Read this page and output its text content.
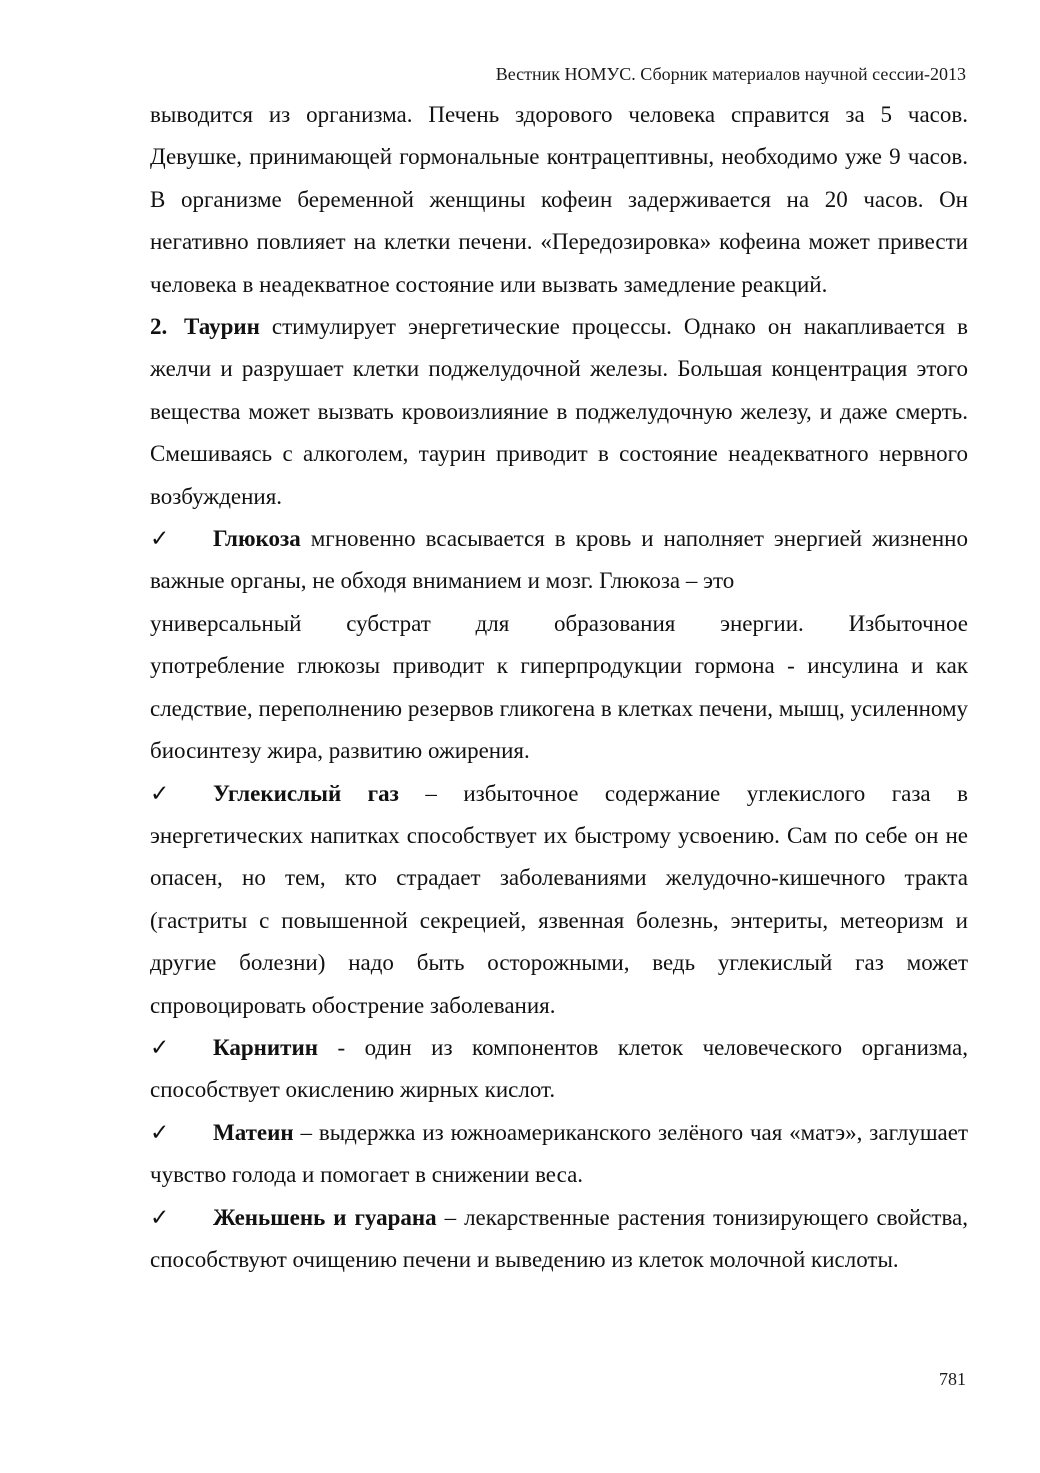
Вестник НОМУС. Сборник материалов научной сессии-2013

выводится из организма. Печень здорового человека справится за 5 часов. Девушке, принимающей гормональные контрацептивны, необходимо уже 9 часов. В организме беременной женщины кофеин задерживается на 20 часов. Он негативно повлияет на клетки печени. «Передозировка» кофеина может привести человека в неадекватное состояние или вызвать замедление реакций.

2. Таурин стимулирует энергетические процессы. Однако он накапливается в желчи и разрушает клетки поджелудочной железы. Большая концентрация этого вещества может вызвать кровоизлияние в поджелудочную железу, и даже смерть. Смешиваясь с алкоголем, таурин приводит в состояние неадекватного нервного возбуждения.

✓ Глюкоза мгновенно всасывается в кровь и наполняет энергией жизненно важные органы, не обходя вниманием и мозг. Глюкоза – это
универсальный субстрат для образования энергии. Избыточное
употребление глюкозы приводит к гиперпродукции гормона - инсулина и как следствие, переполнению резервов гликогена в клетках печени, мышц, усиленному биосинтезу жира, развитию ожирения.

✓ Углекислый газ – избыточное содержание углекислого газа в энергетических напитках способствует их быстрому усвоению. Сам по себе он не опасен, но тем, кто страдает заболеваниями желудочно-кишечного тракта (гастриты с повышенной секрецией, язвенная болезнь, энтериты, метеоризм и другие болезни) надо быть осторожными, ведь углекислый газ может спровоцировать обострение заболевания.

✓ Карнитин - один из компонентов клеток человеческого организма, способствует окислению жирных кислот.

✓ Матеин – выдержка из южноамериканского зелёного чая «матэ», заглушает чувство голода и помогает в снижении веса.

✓ Женьшень и гуарана – лекарственные растения тонизирующего свойства, способствуют очищению печени и выведению из клеток молочной кислоты.

781
